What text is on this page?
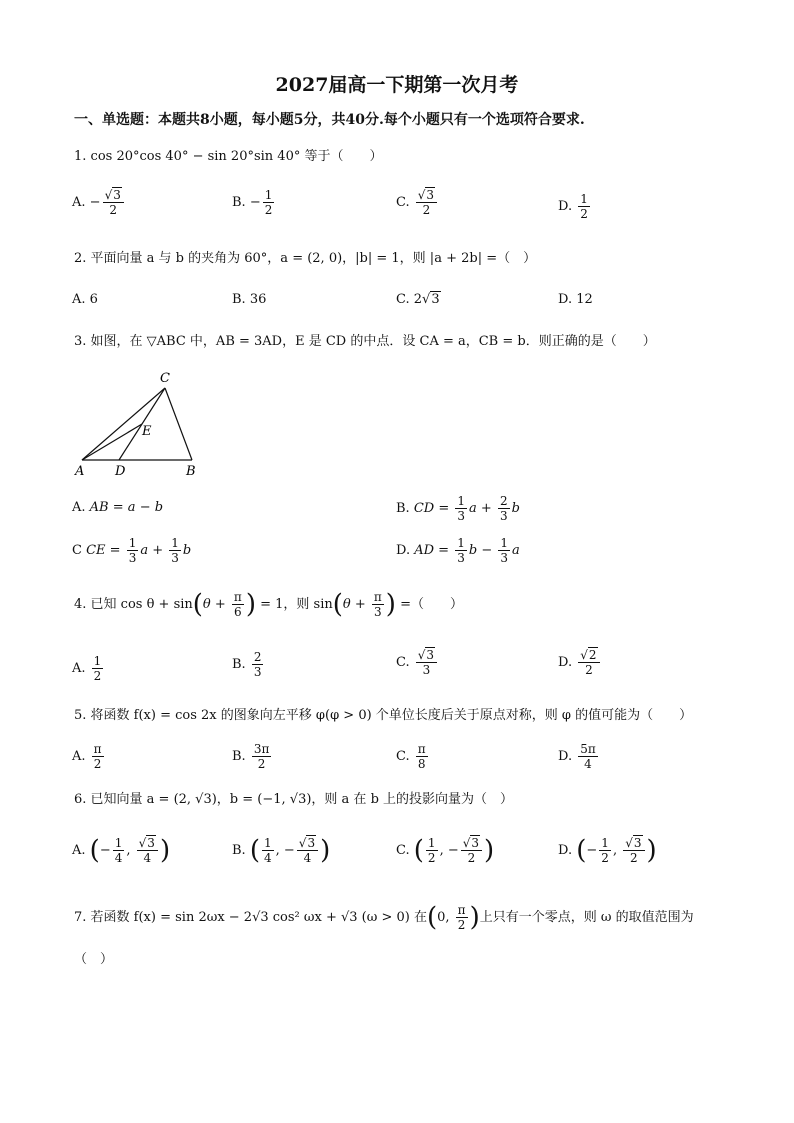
2027届高一下期第一次月考
一、单选题：本题共8小题，每小题5分，共40分.每个小题只有一个选项符合要求.
1. cos 20°cos 40° − sin 20°sin 40° 等于（　　）
A. − $\frac{√3}{2}$	B. − $\frac{1}{2}$	C. $\frac{√3}{2}$	D. $\frac{1}{2}$
2. 平面向量 a 与 b 的夹角为 60°，a = (2, 0)，|b| = 1，则 |a + 2b| =（　）
A. 6	B. 36	C. 2√3	D. 12
3. 如图，在 ▽ABC 中，AB = 3AD，E 是 CD 的中点．设 CA = a，CB = b．则正确的是（　　）
C
E
A D	B
A. AB = a − b	B. CD = $\frac{1}{3}$ $a + \frac{2}{3}$ b
C CE = $\frac{1}{3}$ $a + \frac{1}{3}$ b	D. AD = $\frac{1}{3}$ $b - \frac{1}{3}$ a
4. 已知 $\cos \theta + \sin(\theta + \frac{\pi}{6}$ ) = 1，则 $\sin(\theta + \frac{\pi}{3}$ ) =（　　）
A. $\frac{1}{2}$	B. $\frac{2}{3}$	C. $\frac{√3}{3}$	D. $\frac{√2}{2}$
5. 将函数 f(x) = cos 2x 的图象向左平移 φ(φ > 0) 个单位长度后关于原点对称，则 φ 的值可能为（　　）
A. $\frac{\pi}{2}$	B. $\frac{3\pi}{2}$	C. $\frac{\pi}{8}$	D. $\frac{5\pi}{4}$
6. 已知向量 a = (2, √3)，b = (−1, √3)，则 a 在 b 上的投影向量为（　）
A. (− $\frac{1}{4}$ , $\frac{√3}{4}$ )	B. ( $\frac{1}{4}$ , − $\frac{√3}{4}$ )	C. ( $\frac{1}{2}$ , − $\frac{√3}{2}$ )	D. (− $\frac{1}{2}$ , $\frac{√3}{2}$ )
7. 若函数 f(x) = sin 2ωx − 2√3 cos² ωx + √3 (ω > 0) 在(0, $\frac{\pi}{2}$ )上只有一个零点，则 ω 的取值范围为
（　）
